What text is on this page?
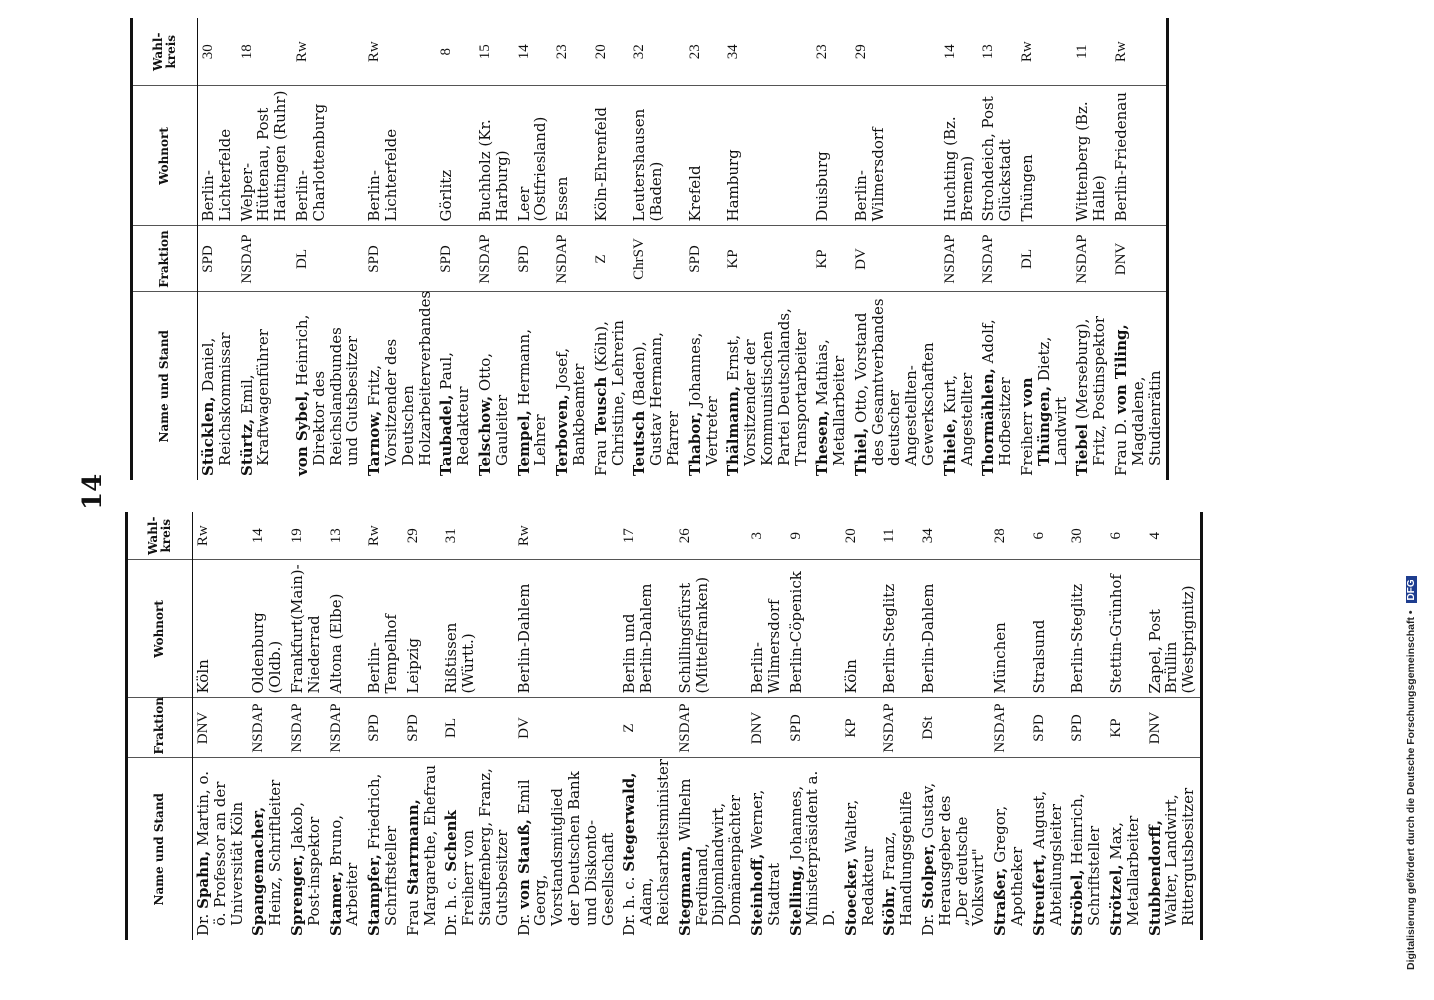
14
Name und Stand	Fraktion	Wohnort	Wahl-kreis
Dr. Spahn, Martin, o. ö. Professor an der Universität Köln	DNV	Köln	Rw
Spangemacher, Heinz, Schriftleiter	NSDAP	Oldenburg (Oldb.)	14
Sprenger, Jakob, Post-inspektor	NSDAP	Frankfurt(Main)-Niederrad	19
Stamer, Bruno, Arbeiter	NSDAP	Altona (Elbe)	13
Stampfer, Friedrich, Schriftsteller	SPD	Berlin-Tempelhof	Rw
Frau Starrmann, Margarethe, Ehefrau	SPD	Leipzig	29
Dr. h. c. Schenk Freiherr von Stauffenberg, Franz, Gutsbesitzer	DL	Rißtissen (Württ.)	31
Dr. von Stauß, Emil Georg, Vorstandsmitglied der Deutschen Bank und Diskonto-Gesellschaft	DV	Berlin-Dahlem	Rw
Dr. h. c. Stegerwald, Adam, Reichsarbeitsminister	Z	Berlin und Berlin-Dahlem	17
Stegmann, Wilhelm Ferdinand, Diplomlandwirt, Domänenpächter	NSDAP	Schillingsfürst (Mittelfranken)	26
Steinhoff, Werner, Stadtrat	DNV	Berlin-Wilmersdorf	3
Stelling, Johannes, Ministerpräsident a. D.	SPD	Berlin-Cöpenick	9
Stoecker, Walter, Redakteur	KP	Köln	20
Stöhr, Franz, Handlungsgehilfe	NSDAP	Berlin-Steglitz	11
Dr. Stolper, Gustav, Herausgeber des „Der deutsche Volkswirt"	DSt	Berlin-Dahlem	34
Straßer, Gregor, Apotheker	NSDAP	München	28
Streufert, August, Abteilungsleiter	SPD	Stralsund	6
Ströbel, Heinrich, Schriftsteller	SPD	Berlin-Steglitz	30
Strötzel, Max, Metallarbeiter	KP	Stettin-Grünhof	6
Stubbendorff, Walter, Landwirt, Rittergutsbesitzer	DNV	Zapel, Post Brüllin (Westprignitz)	4
Name und Stand	Fraktion	Wohnort	Wahl-kreis
Stücklen, Daniel, Reichskommissar	SPD	Berlin-Lichterfelde	30
Stürtz, Emil, Kraftwagenführer	NSDAP	Welper-Hüttenau, Post Hattingen (Ruhr)	18
von Sybel, Heinrich, Direktor des Reichslandbundes und Gutsbesitzer	DL	Berlin-Charlottenburg	Rw
Tarnow, Fritz, Vorsitzender des Deutschen Holzarbeiterverbandes	SPD	Berlin-Lichterfelde	Rw
Taubadel, Paul, Redakteur	SPD	Görlitz	8
Telschow, Otto, Gauleiter	NSDAP	Buchholz (Kr. Harburg)	15
Tempel, Hermann, Lehrer	SPD	Leer (Ostfriesland)	14
Terboven, Josef, Bankbeamter	NSDAP	Essen	23
Frau Teusch (Köln), Christine, Lehrerin	Z	Köln-Ehrenfeld	20
Teutsch (Baden), Gustav Hermann, Pfarrer	ChrSV	Leutershausen (Baden)	32
Thabor, Johannes, Vertreter	SPD	Krefeld	23
Thälmann, Ernst, Vorsitzender der Kommunistischen Partei Deutschlands, Transportarbeiter	KP	Hamburg	34
Thesen, Mathias, Metallarbeiter	KP	Duisburg	23
Thiel, Otto, Vorstand des Gesamtverbandes deutscher Angestellten-Gewerkschaften	DV	Berlin-Wilmersdorf	29
Thiele, Kurt, Angestellter	NSDAP	Huchting (Bz. Bremen)	14
Thormählen, Adolf, Hofbesitzer	NSDAP	Strohdeich, Post Glückstadt	13
Freiherr von Thüngen, Dietz, Landwirt	DL	Thüngen	Rw
Tiebel (Merseburg), Fritz, Postinspektor	NSDAP	Wittenberg (Bz. Halle)	11
Frau D. von Tiling, Magdalene, Studienrätin	DNV	Berlin-Friedenau	Rw
Digitalisierung gefördert durch die Deutsche Forschungsgemeinschaft • DFG
